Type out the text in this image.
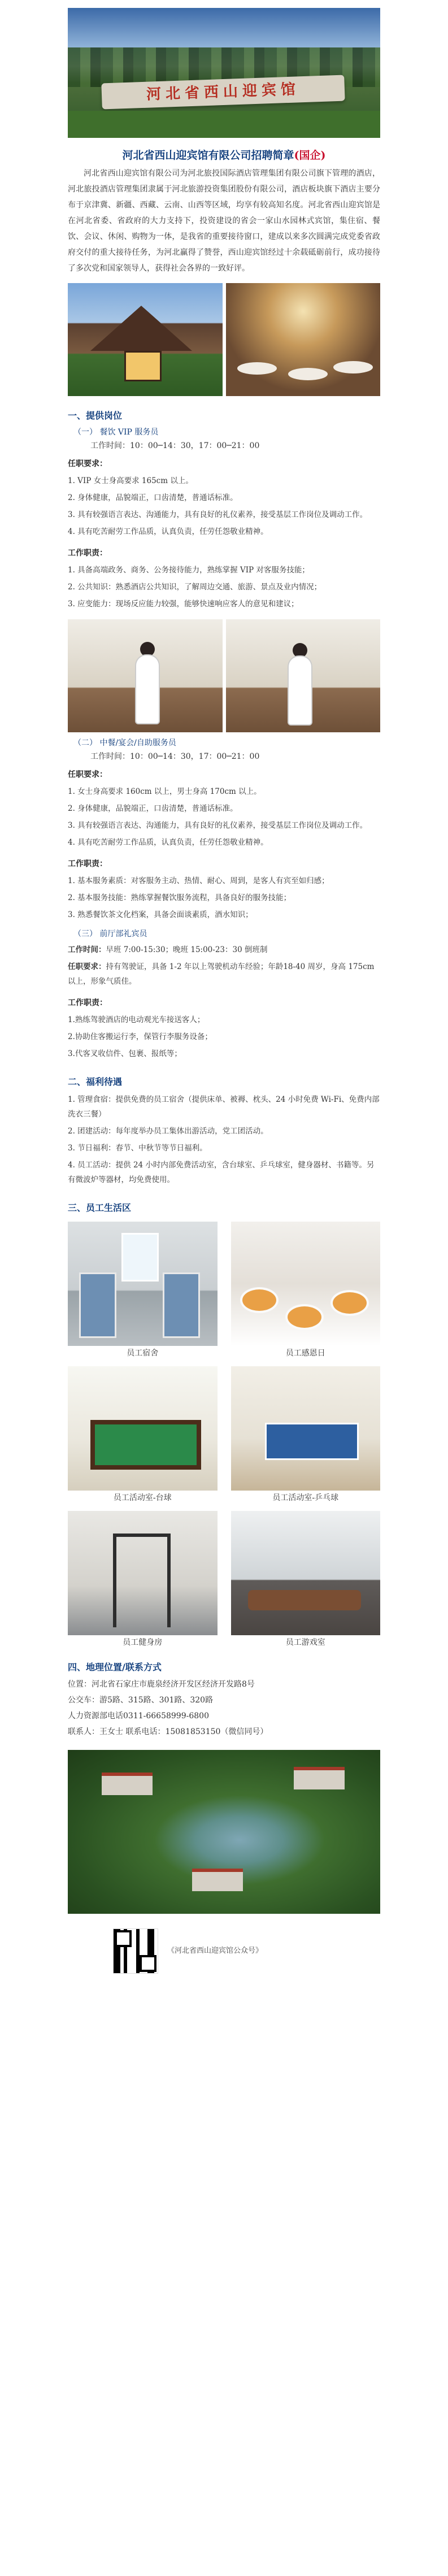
河北省西山迎宾馆
河北省西山迎宾馆有限公司招聘简章(国企)

河北省西山迎宾馆有限公司为河北旅投国际酒店管理集团有限公司旗下管理的酒店，河北旅投酒店管理集团隶属于河北旅游投资集团股份有限公司，酒店板块旗下酒店主要分布于京津冀、新疆、西藏、云南、山西等区域，均享有较高知名度。河北省西山迎宾馆是在河北省委、省政府的大力支持下，投资建设的省会一家山水园林式宾馆，集住宿、餐饮、会议、休闲、购物为一体，是我省的重要接待窗口，建成以来多次圆满完成党委省政府交付的重大接待任务，为河北赢得了赞誉，西山迎宾馆经过十余载砥砺前行，成功接待了多次党和国家领导人，获得社会各界的一致好评。

一、提供岗位
（一） 餐饮 VIP 服务员
工作时间：10：00─14：30，17：00─21：00
任职要求：

1. VIP 女士身高要求 165cm 以上。

2. 身体健康，品貌端正，口齿清楚，普通话标准。

3. 具有较强语言表达、沟通能力，具有良好的礼仪素养，接受基层工作岗位及调动工作。

4. 具有吃苦耐劳工作品质，认真负责，任劳任怨敬业精神。

工作职责：

1. 具备高端政务、商务、公务接待能力，熟练掌握 VIP 对客服务技能；

2. 公共知识：熟悉酒店公共知识，了解周边交通、旅游、景点及业内情况；

3. 应变能力：现场反应能力较强，能够快速响应客人的意见和建议；

（二） 中餐/宴会/自助服务员
工作时间：10：00─14：30，17：00─21：00
任职要求：

1. 女士身高要求 160cm 以上，男士身高 170cm 以上。

2. 身体健康，品貌端正，口齿清楚，普通话标准。

3. 具有较强语言表达、沟通能力，具有良好的礼仪素养，接受基层工作岗位及调动工作。

4. 具有吃苦耐劳工作品质，认真负责，任劳任怨敬业精神。

工作职责：

1. 基本服务素质：对客服务主动、热情、耐心、周到，是客人有宾至如归感；

2. 基本服务技能：熟练掌握餐饮服务流程，具备良好的服务技能；

3. 熟悉餐饮茶文化档案，具备会面谈素质，酒水知识；

（三） 前厅部礼宾员

工作时间：早班 7:00-15:30；晚班 15:00-23：30 倒班制

任职要求：持有驾驶证，具备 1-2 年以上驾驶机动车经验；年龄18-40 周岁，身高 175cm 以上，形象气质佳。

工作职责：

1.熟练驾驶酒店的电动观光车接送客人；

2.协助住客搬运行李，保管行李服务设备；

3.代客叉收信件、包裹、报纸等；

二、福利待遇

1. 管理食宿：提供免费的员工宿舍（提供床单、被褥、枕头、24 小时免费 Wi-Fi、免费内部洗衣三餐）

2. 团建活动：每年度举办员工集体出游活动，党工团活动。

3. 节日福利：春节、中秋节等节日福利。

4. 员工活动：提供 24 小时内部免费活动室，含台球室、乒乓球室，健身器材、书籍等。另有微波炉等器材，均免费使用。

三、员工生活区
员工宿舍	员工感恩日
员工活动室-台球	员工活动室-乒乓球
员工健身房	员工游戏室
四、地理位置/联系方式

位置：河北省石家庄市鹿泉经济开发区经济开发路8号

公交车：游5路、315路、301路、320路

人力资源部电话0311-66658999-6800

联系人：王女士 联系电话：15081853150（微信同号）

《河北省西山迎宾馆公众号》
